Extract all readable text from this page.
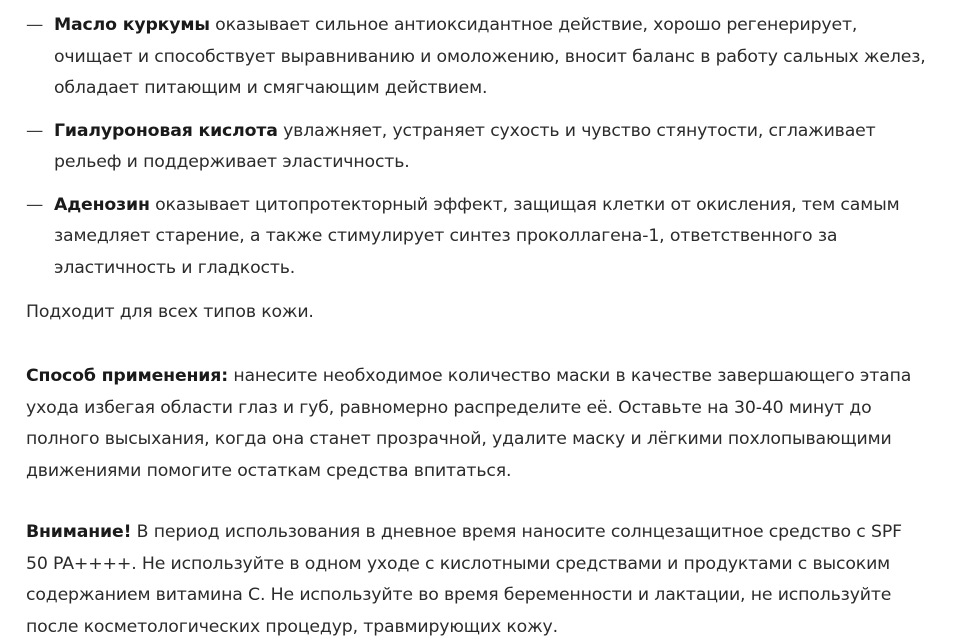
— Масло куркумы оказывает сильное антиоксидантное действие, хорошо регенерирует, очищает и способствует выравниванию и омоложению, вносит баланс в работу сальных желез, обладает питающим и смягчающим действием.
— Гиалуроновая кислота увлажняет, устраняет сухость и чувство стянутости, сглаживает рельеф и поддерживает эластичность.
— Аденозин оказывает цитопротекторный эффект, защищая клетки от окисления, тем самым замедляет старение, а также стимулирует синтез проколлагена-1, ответственного за эластичность и гладкость.

Подходит для всех типов кожи.

Способ применения: нанесите необходимое количество маски в качестве завершающего этапа ухода избегая области глаз и губ, равномерно распределите её. Оставьте на 30-40 минут до полного высыхания, когда она станет прозрачной, удалите маску и лёгкими похлопывающими движениями помогите остаткам средства впитаться.

Внимание! В период использования в дневное время наносите солнцезащитное средство с SPF 50 PA++++. Не используйте в одном уходе с кислотными средствами и продуктами с высоким содержанием витамина С. Не используйте во время беременности и лактации, не используйте после косметологических процедур, травмирующих кожу.
